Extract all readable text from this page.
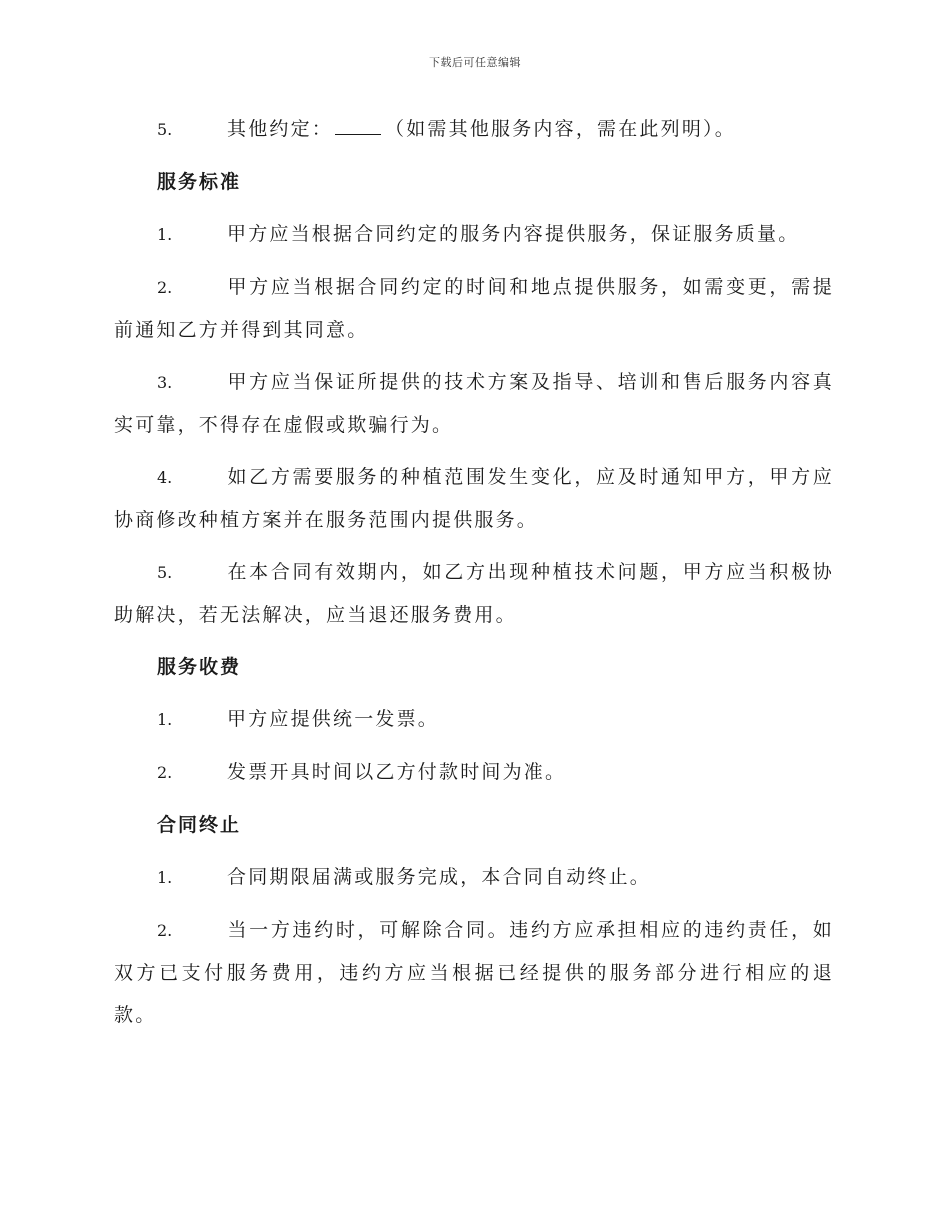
下载后可任意编辑

5.	其他约定：	（如需其他服务内容，需在此列明）。

服务标准

1.	甲方应当根据合同约定的服务内容提供服务，保证服务质量。

2.	甲方应当根据合同约定的时间和地点提供服务，如需变更，需提前通知乙方并得到其同意。

3.	甲方应当保证所提供的技术方案及指导、培训和售后服务内容真实可靠，不得存在虚假或欺骗行为。

4.	如乙方需要服务的种植范围发生变化，应及时通知甲方，甲方应协商修改种植方案并在服务范围内提供服务。

5.	在本合同有效期内，如乙方出现种植技术问题，甲方应当积极协助解决，若无法解决，应当退还服务费用。

服务收费

1.	甲方应提供统一发票。

2.	发票开具时间以乙方付款时间为准。

合同终止

1.	合同期限届满或服务完成，本合同自动终止。

2.	当一方违约时，可解除合同。违约方应承担相应的违约责任，如双方已支付服务费用，违约方应当根据已经提供的服务部分进行相应的退款。
